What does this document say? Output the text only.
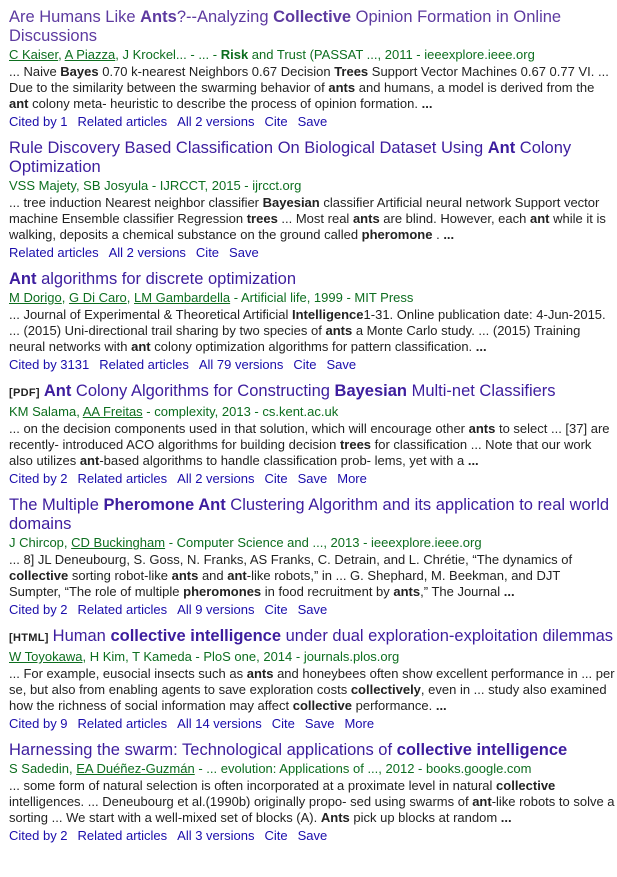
Are Humans Like Ants?--Analyzing Collective Opinion Formation in Online Discussions
C Kaiser, A Piazza, J Krockel... - ... - Risk and Trust (PASSAT ..., 2011 - ieeexplore.ieee.org
... Naive Bayes 0.70 k-nearest Neighbors 0.67 Decision Trees Support Vector Machines 0.67 0.77 VI. ... Due to the similarity between the swarming behavior of ants and humans, a model is derived from the ant colony meta- heuristic to describe the process of opinion formation. ...
Cited by 1 Related articles All 2 versions Cite Save
Rule Discovery Based Classification On Biological Dataset Using Ant Colony Optimization
VSS Majety, SB Josyula - IJRCCT, 2015 - ijrcct.org
... tree induction Nearest neighbor classifier Bayesian classifier Artificial neural network Support vector machine Ensemble classifier Regression trees ... Most real ants are blind. However, each ant while it is walking, deposits a chemical substance on the ground called pheromone . ...
Related articles All 2 versions Cite Save
Ant algorithms for discrete optimization
M Dorigo, G Di Caro, LM Gambardella - Artificial life, 1999 - MIT Press
... Journal of Experimental & Theoretical Artificial Intelligence1-31. Online publication date: 4-Jun-2015. ... (2015) Uni-directional trail sharing by two species of ants a Monte Carlo study. ... (2015) Training neural networks with ant colony optimization algorithms for pattern classification. ...
Cited by 3131 Related articles All 79 versions Cite Save
[PDF] Ant Colony Algorithms for Constructing Bayesian Multi-net Classifiers
KM Salama, AA Freitas - complexity, 2013 - cs.kent.ac.uk
... on the decision components used in that solution, which will encourage other ants to select ... [37] are recently- introduced ACO algorithms for building decision trees for classification ... Note that our work also utilizes ant-based algorithms to handle classification prob- lems, yet with a ...
Cited by 2 Related articles All 2 versions Cite Save More
The Multiple Pheromone Ant Clustering Algorithm and its application to real world domains
J Chircop, CD Buckingham - Computer Science and ..., 2013 - ieeexplore.ieee.org
... 8] JL Deneubourg, S. Goss, N. Franks, AS Franks, C. Detrain, and L. Chrétie, “The dynamics of collective sorting robot-like ants and ant-like robots,” in ... G. Shephard, M. Beekman, and DJT Sumpter, “The role of multiple pheromones in food recruitment by ants,” The Journal ...
Cited by 2 Related articles All 9 versions Cite Save
[HTML] Human collective intelligence under dual exploration-exploitation dilemmas
W Toyokawa, H Kim, T Kameda - PloS one, 2014 - journals.plos.org
... For example, eusocial insects such as ants and honeybees often show excellent performance in ... per se, but also from enabling agents to save exploration costs collectively, even in ... study also examined how the richness of social information may affect collective performance. ...
Cited by 9 Related articles All 14 versions Cite Save More
Harnessing the swarm: Technological applications of collective intelligence
S Sadedin, EA Duéñez-Guzmán - ... evolution: Applications of ..., 2012 - books.google.com
... some form of natural selection is often incorporated at a proximate level in natural collective intelligences. ... Deneubourg et al.(1990b) originally propo- sed using swarms of ant-like robots to solve a sorting ... We start with a well-mixed set of blocks (A). Ants pick up blocks at random ...
Cited by 2 Related articles All 3 versions Cite Save
